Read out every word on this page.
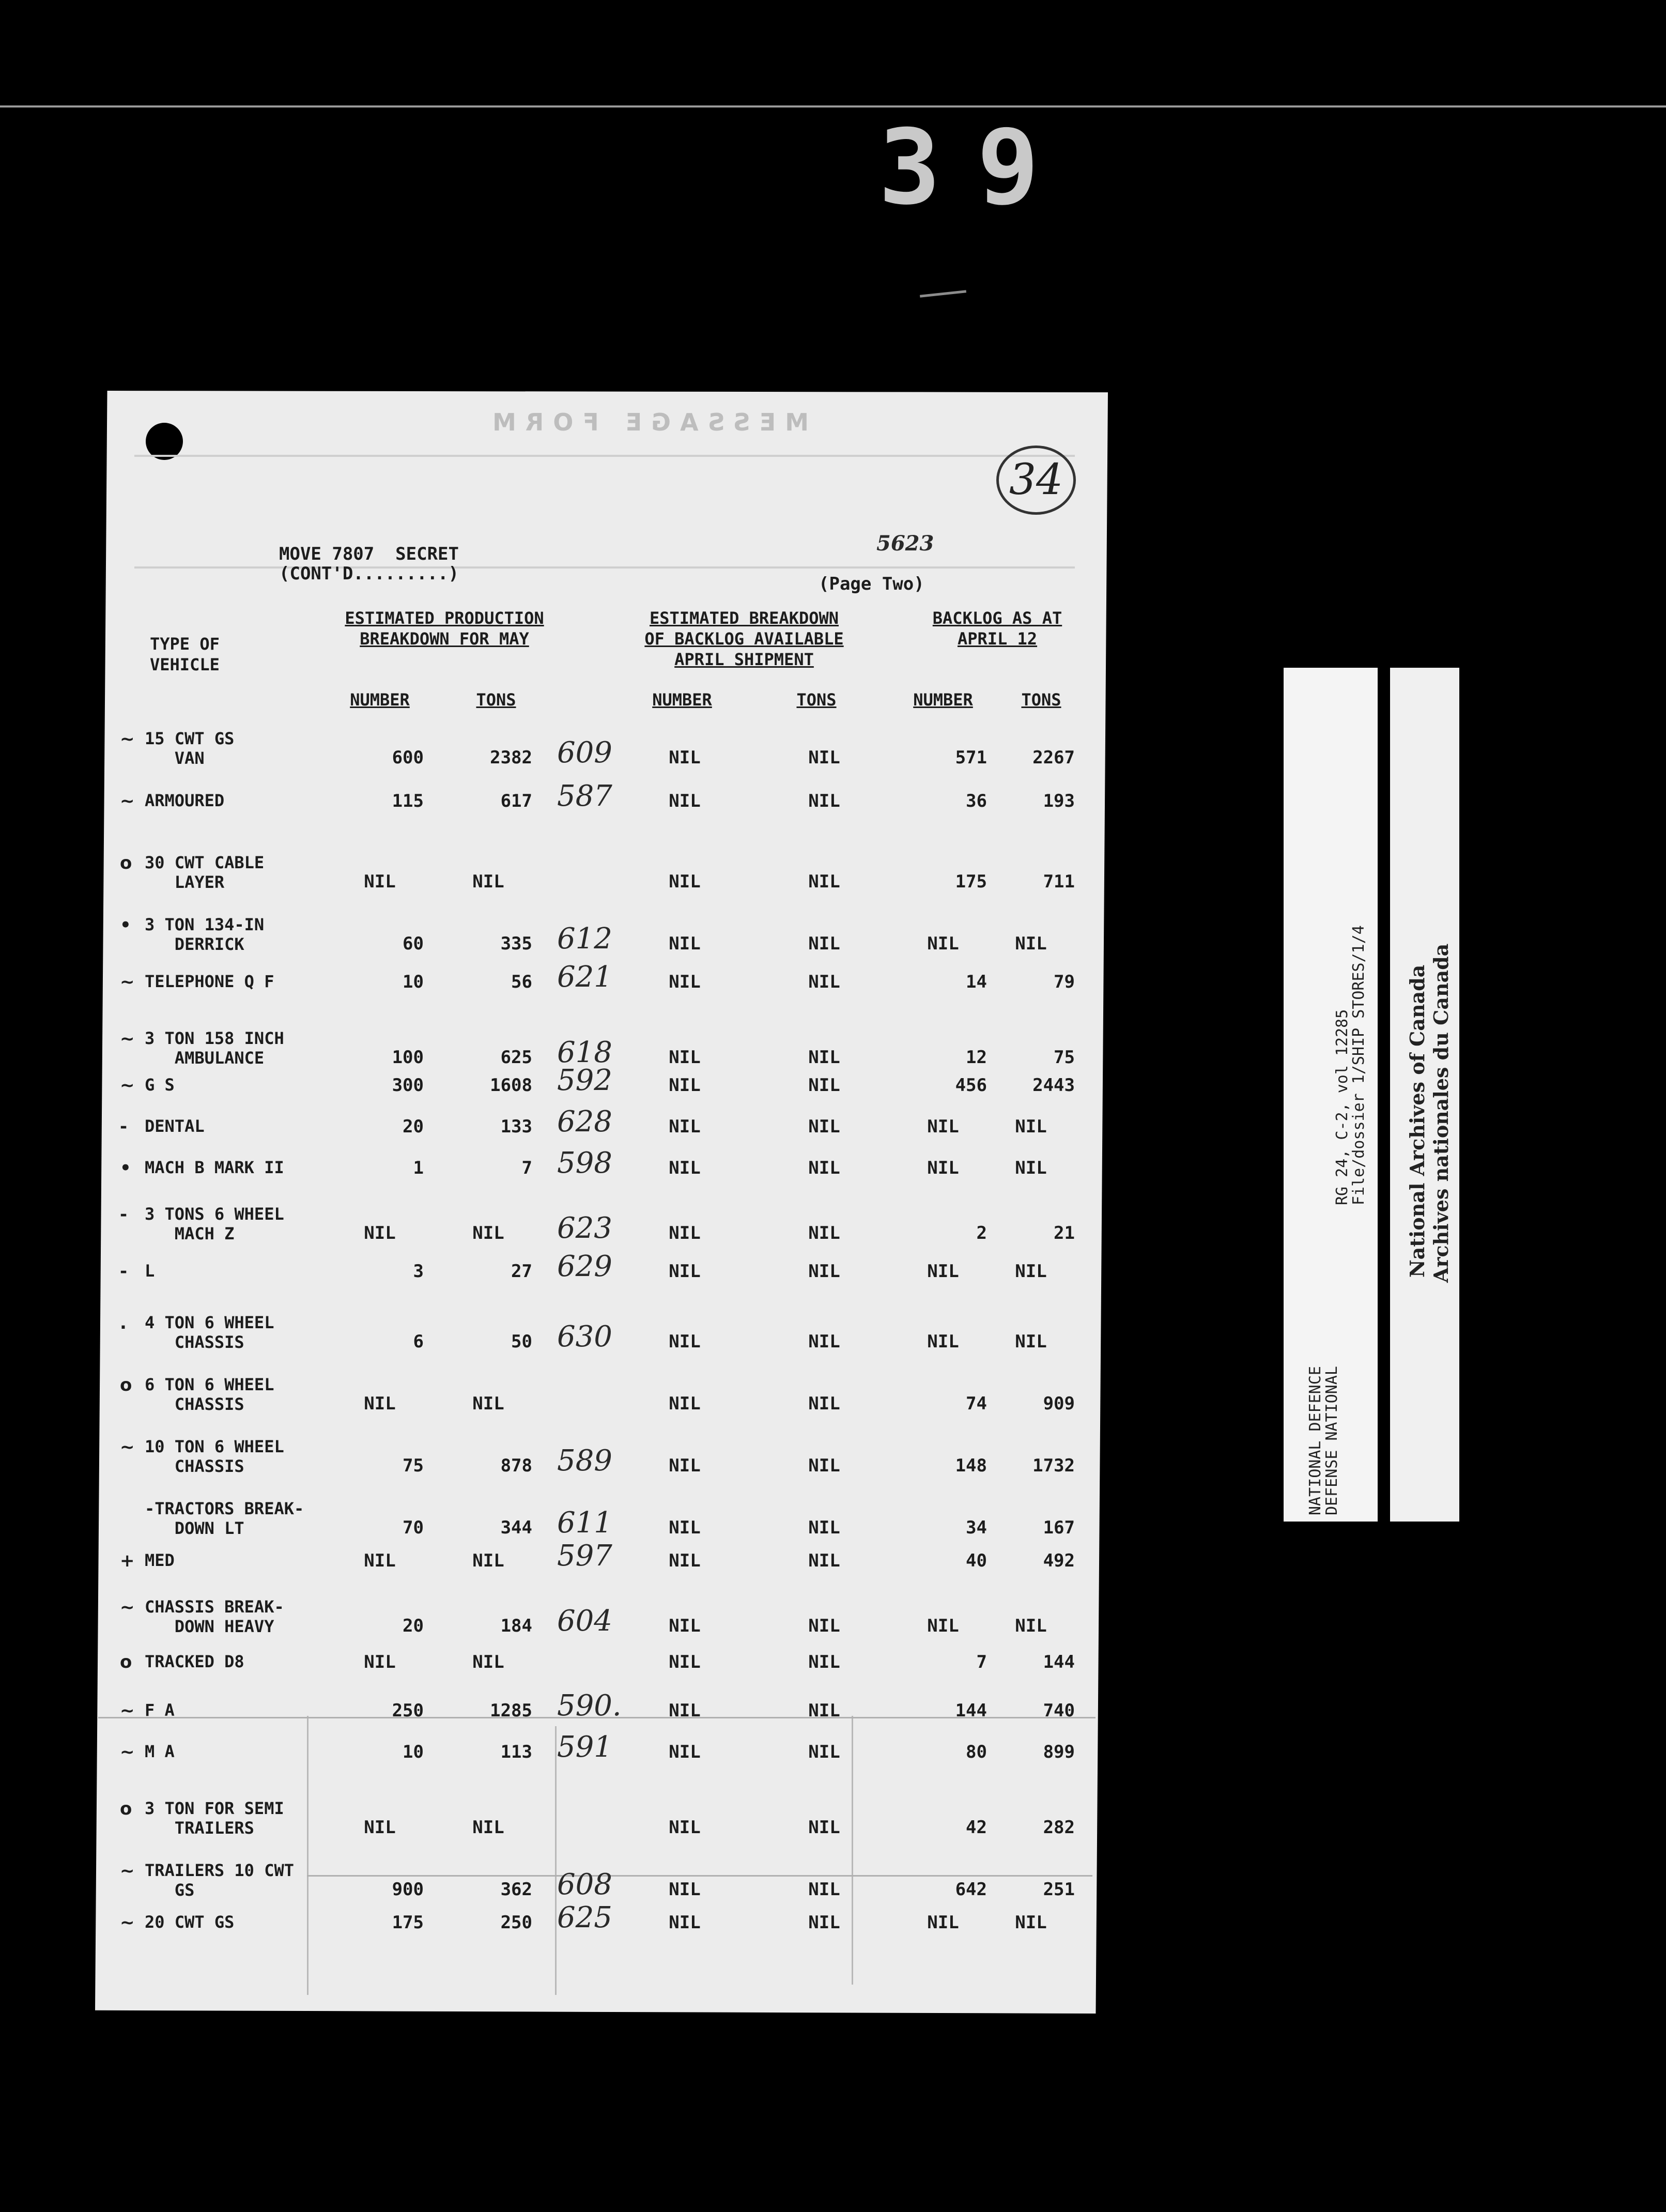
39
MESSAGE FORM
34
MOVE 7807  SECRET
(CONT'D.........)
5623
(Page Two)
TYPE OF
VEHICLE
ESTIMATED PRODUCTION
BREAKDOWN FOR MAY
ESTIMATED BREAKDOWN
OF BACKLOG AVAILABLE
APRIL SHIPMENT
BACKLOG AS AT
APRIL 12
NUMBER	TONS	NUMBER	TONS	NUMBER	TONS
~ 15 CWT GS
VAN	600	2382	NIL	NIL	571	2267
609
~ ARMOURED	115	617	NIL	NIL	36	193
587
o 30 CWT CABLE
LAYER	NIL	NIL	NIL	NIL	175	711
• 3 TON 134-IN
DERRICK	60	335	NIL	NIL	NIL	NIL
612
~ TELEPHONE Q F	10	56	NIL	NIL	14	79
621
~ 3 TON 158 INCH
AMBULANCE	100	625	NIL	NIL	12	75
618
~ G S	300	1608	NIL	NIL	456	2443
592
-	DENTAL	20	133	NIL	NIL	NIL	NIL
628
• MACH B MARK II	1	7	NIL	NIL	NIL	NIL
598
-	3 TONS 6 WHEEL
MACH Z	NIL	NIL	NIL	NIL	2	21
623
-	L	3	27	NIL	NIL	NIL	NIL
629
.	4 TON 6 WHEEL
CHASSIS	6	50	NIL	NIL	NIL	NIL
630
o 6 TON 6 WHEEL
CHASSIS	NIL	NIL	NIL	NIL	74	909
~ 10 TON 6 WHEEL
CHASSIS	75	878	NIL	NIL	148	1732
589
-TRACTORS BREAK-
DOWN LT	70	344	NIL	NIL	34	167
611
+ MED	NIL	NIL	NIL	NIL	40	492
597
~ CHASSIS BREAK-
DOWN HEAVY	20	184	NIL	NIL	NIL	NIL
604
o TRACKED D8	NIL	NIL	NIL	NIL	7	144
~ F A	250	1285	NIL	NIL	144	740
590.
~ M A	10	113	NIL	NIL	80	899
591
o 3 TON FOR SEMI
TRAILERS	NIL	NIL	NIL	NIL	42	282
~ TRAILERS 10 CWT
GS	900	362	NIL	NIL	642	251
608
~ 20 CWT GS	175	250	NIL	NIL	NIL	NIL
625
NATIONAL DEFENCE
DEFENSE NATIONAL
RG 24, C-2, vol 12285
File/dossier 1/SHIP STORES/1/4 National Archives of Canada Archives nationales du Canada
